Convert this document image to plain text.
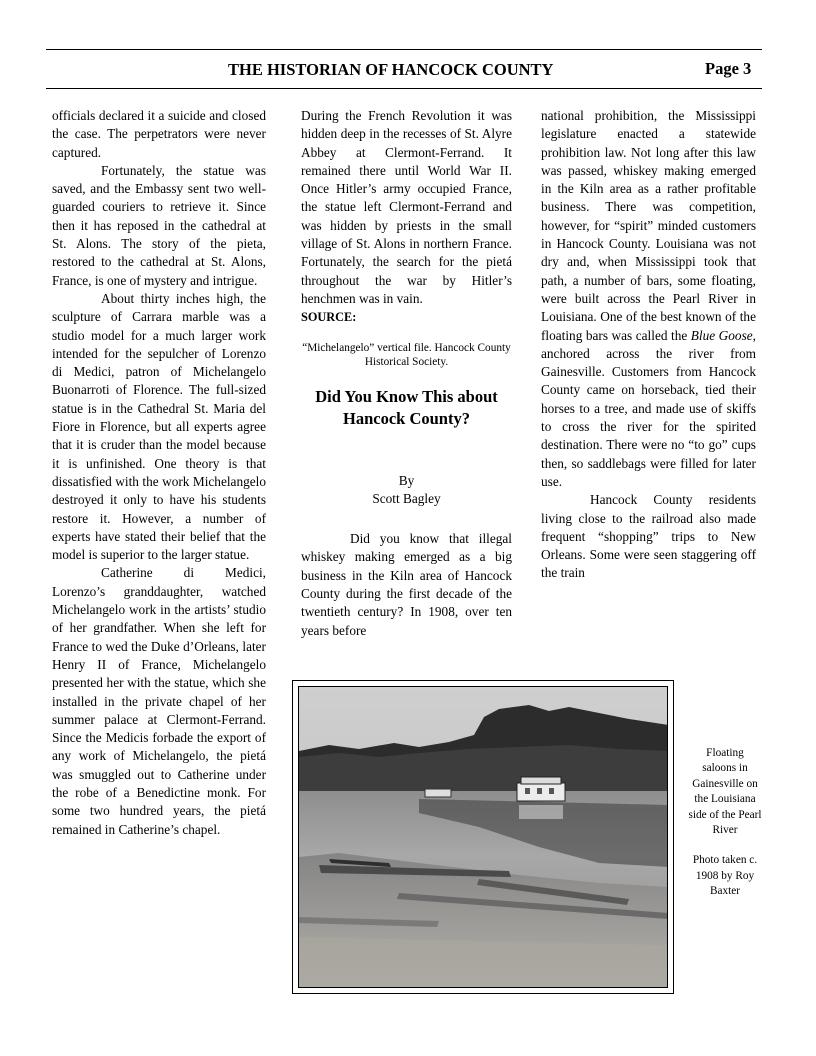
THE HISTORIAN OF HANCOCK COUNTY	Page 3

officials declared it a suicide and closed the case. The perpetrators were never captured.

Fortunately, the statue was saved, and the Embassy sent two well-guarded couriers to retrieve it. Since then it has reposed in the cathedral at St. Alons. The story of the pieta, restored to the cathedral at St. Alons, France, is one of mystery and intrigue.

About thirty inches high, the sculpture of Carrara marble was a studio model for a much larger work intended for the sepulcher of Lorenzo di Medici, patron of Michelangelo Buonarroti of Florence. The full-sized statue is in the Cathedral St. Maria del Fiore in Florence, but all experts agree that it is cruder than the model because it is unfinished. One theory is that dissatisfied with the work Michelangelo destroyed it only to have his students restore it. However, a number of experts have stated their belief that the model is superior to the larger statue.

Catherine di Medici, Lorenzo’s granddaughter, watched Michelangelo work in the artists’ studio of her grandfather. When she left for France to wed the Duke d’Orleans, later Henry II of France, Michelangelo presented her with the statue, which she installed in the private chapel of her summer palace at Clermont-Ferrand. Since the Medicis forbade the export of any work of Michelangelo, the pietá was smuggled out to Catherine under the robe of a Benedictine monk. For some two hundred years, the pietá remained in Catherine’s chapel.

During the French Revolution it was hidden deep in the recesses of St. Alyre Abbey at Clermont-Ferrand. It remained there until World War II. Once Hitler’s army occupied France, the statue left Clermont-Ferrand and was hidden by priests in the small village of St. Alons in northern France. Fortunately, the search for the pietá throughout the war by Hitler’s henchmen was in vain.

SOURCE:

“Michelangelo” vertical file. Hancock County Historical Society.

Did You Know This about Hancock County?

By

Scott Bagley

Did you know that illegal whiskey making emerged as a big business in the Kiln area of Hancock County during the first decade of the twentieth century? In 1908, over ten years before

national prohibition, the Mississippi legislature enacted a statewide prohibition law. Not long after this law was passed, whiskey making emerged in the Kiln area as a rather profitable business. There was competition, however, for “spirit” minded customers in Hancock County. Louisiana was not dry and, when Mississippi took that path, a number of bars, some floating, were built across the Pearl River in Louisiana. One of the best known of the floating bars was called the Blue Goose, anchored across the river from Gainesville. Customers from Hancock County came on horseback, tied their horses to a tree, and made use of skiffs to cross the river for the spirited destination. There were no “to go” cups then, so saddlebags were filled for later use.

Hancock County residents living close to the railroad also made frequent “shopping” trips to New Orleans. Some were seen staggering off the train

Floating saloons in Gainesville on the Louisiana side of the Pearl River

Photo taken c. 1908 by Roy Baxter
